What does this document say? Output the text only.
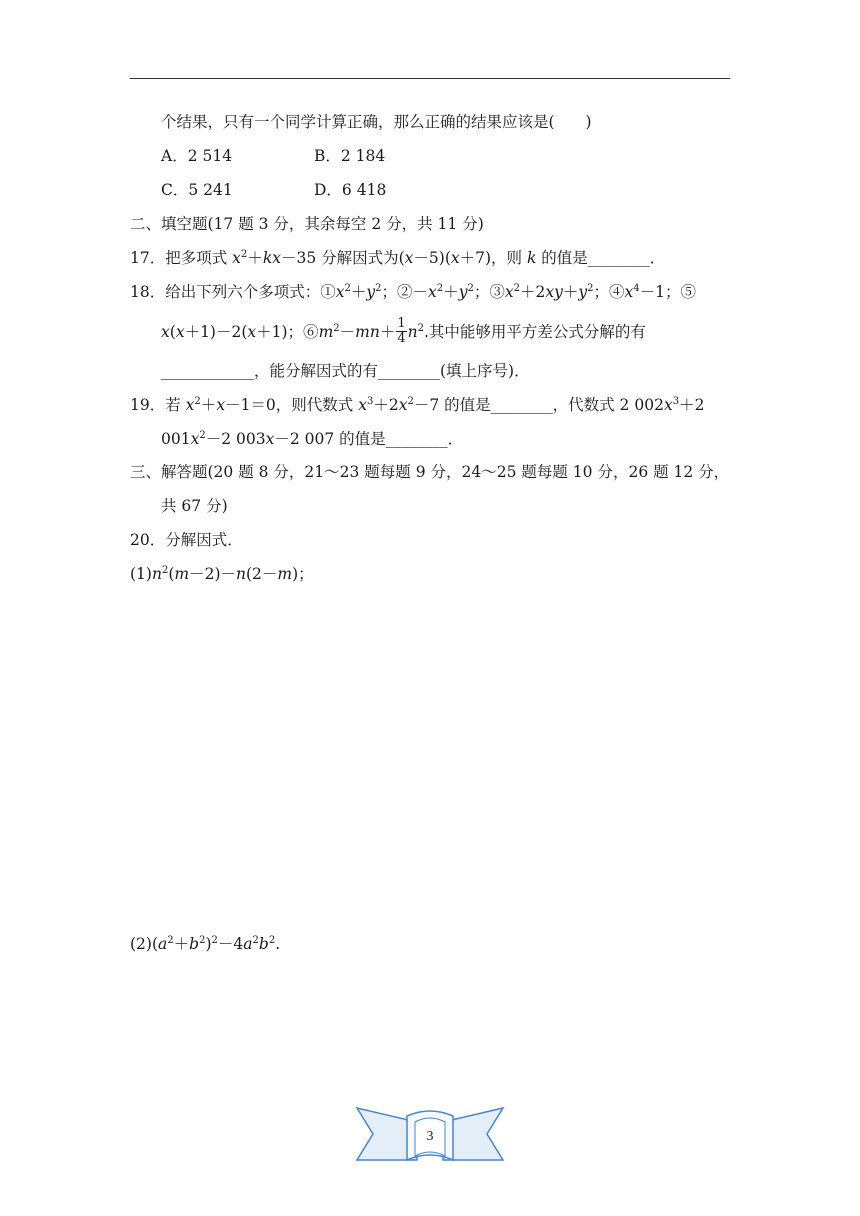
个结果，只有一个同学计算正确，那么正确的结果应该是(　　)
A．2 514	B．2 184
C．5 241	D．6 418
二、填空题(17 题 3 分，其余每空 2 分，共 11 分)
17．把多项式 $x^2+kx-35$ 分解因式为(x－5)(x＋7)，则 k 的值是________．
18．给出下列六个多项式：$①x^2+y^2$；$②-x^2+y^2$；$③x^2+2xy+y^2$；$④x^4-1$；⑤
x(x＋1)－2(x＋1)；$⑥m^2-mn+ \frac{1}{4} n^2$.其中能够用平方差公式分解的有
____________，能分解因式的有________(填上序号)．
19．若 $x^2+x-1=0$，则代数式 $x^3+2x^2-7$ 的值是________，代数式 2 $002x^3+2$
$001x^2-2$ 003x－2 007 的值是________．
三、解答题(20 题 8 分，21～23 题每题 9 分，24～25 题每题 10 分，26 题 12 分，
共 67 分)
20．分解因式．
$(1)n^2(m-2)-n(2-m)$；
$(2)(a^2+b^2)^2-4a^2b^2$.
3
